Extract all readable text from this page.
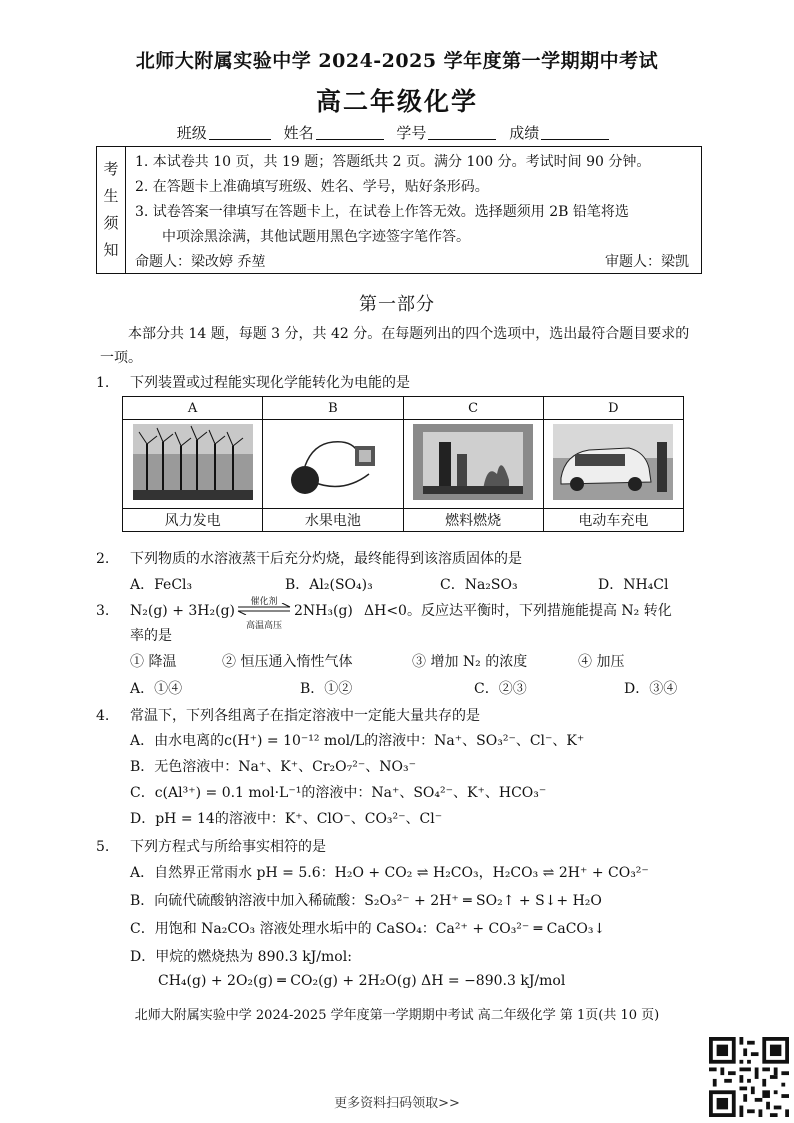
北师大附属实验中学 2024-2025 学年度第一学期期中考试
高二年级化学
班级	姓名	学号	成绩
考
生
须
知
1. 本试卷共 10 页，共 19 题；答题纸共 2 页。满分 100 分。考试时间 90 分钟。
2. 在答题卡上准确填写班级、姓名、学号，贴好条形码。
3. 试卷答案一律填写在答题卡上，在试卷上作答无效。选择题须用 2B 铅笔将选
中项涂黑涂满，其他试题用黑色字迹签字笔作答。
命题人：梁改婷 乔堃	审题人：梁凯
第一部分
本部分共 14 题，每题 3 分，共 42 分。在每题列出的四个选项中，选出最符合题目要求的一项。
1. 下列装置或过程能实现化学能转化为电能的是
A	B	C	D

风力发电	水果电池	燃料燃烧	电动车充电
2. 下列物质的水溶液蒸干后充分灼烧，最终能得到该溶质固体的是
A．FeCl₃	B．Al₂(SO₄)₃	C．Na₂SO₃	D．NH₄Cl
3. N₂(g) + 3H₂(g)
催化剂
高温高压
2NH₃(g) ΔH<0。反应达平衡时，下列措施能提高 N₂ 转化
率的是
① 降温	② 恒压通入惰性气体	③ 增加 N₂ 的浓度	④ 加压
A．①④	B．①②	C．②③	D．③④
4. 常温下，下列各组离子在指定溶液中一定能大量共存的是
A．由水电离的c(H⁺) = 10⁻¹² mol/L的溶液中：Na⁺、SO₃²⁻、Cl⁻、K⁺
B．无色溶液中：Na⁺、K⁺、Cr₂O₇²⁻、NO₃⁻
C．c(Al³⁺) = 0.1 mol·L⁻¹的溶液中：Na⁺、SO₄²⁻、K⁺、HCO₃⁻
D．pH = 14的溶液中：K⁺、ClO⁻、CO₃²⁻、Cl⁻
5. 下列方程式与所给事实相符的是
A．自然界正常雨水 pH = 5.6：H₂O + CO₂ ⇌ H₂CO₃，H₂CO₃ ⇌ 2H⁺ + CO₃²⁻
B．向硫代硫酸钠溶液中加入稀硫酸：S₂O₃²⁻ + 2H⁺ ═ SO₂↑ + S↓+ H₂O
C．用饱和 Na₂CO₃ 溶液处理水垢中的 CaSO₄：Ca²⁺ + CO₃²⁻ ═ CaCO₃↓
D．甲烷的燃烧热为 890.3 kJ/mol:
CH₄(g) + 2O₂(g) ═ CO₂(g) + 2H₂O(g) ΔH = −890.3 kJ/mol
北师大附属实验中学 2024-2025 学年度第一学期期中考试 高二年级化学 第 1页(共 10 页)
更多资料扫码领取>>
